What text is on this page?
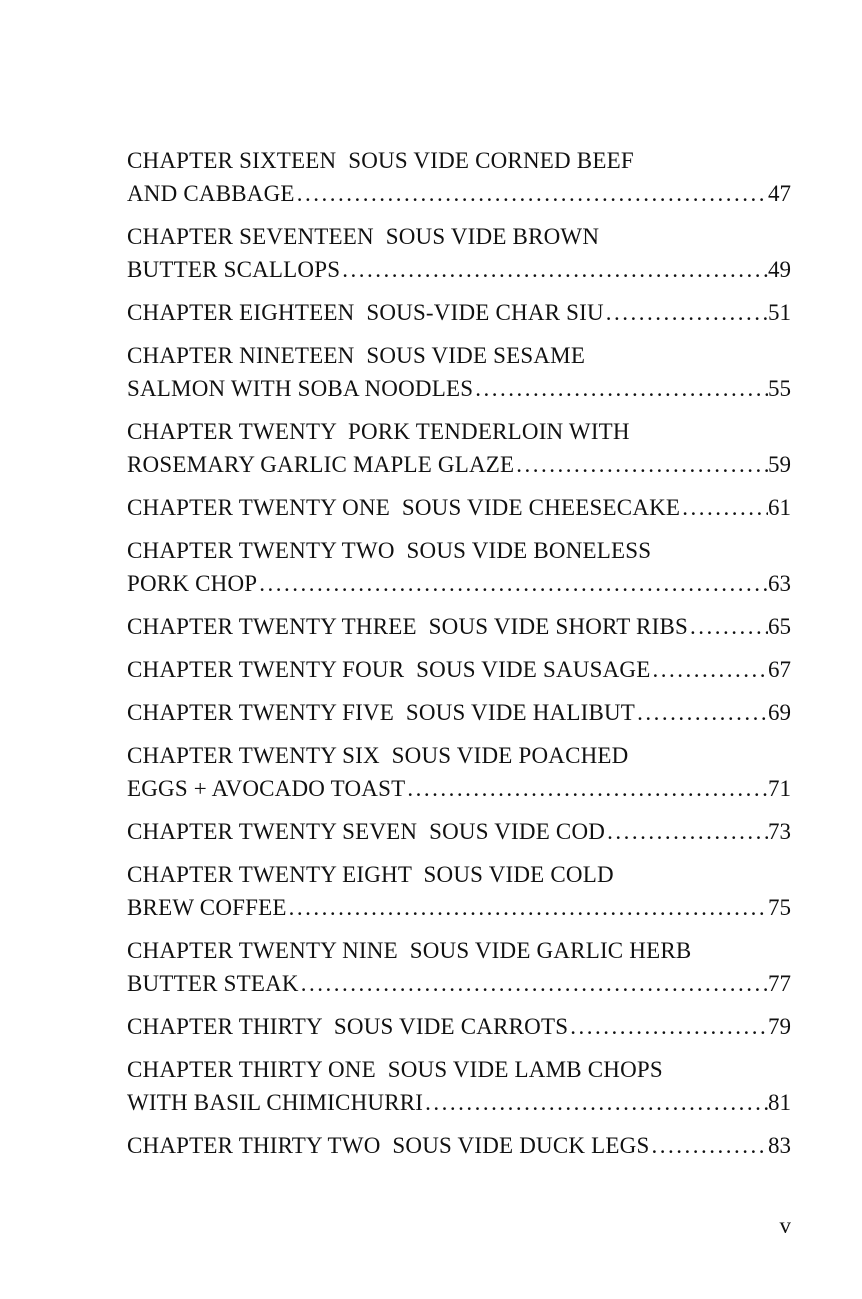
CHAPTER SIXTEEN  SOUS VIDE CORNED BEEF
AND CABBAGE .....	47
CHAPTER SEVENTEEN  SOUS VIDE BROWN
BUTTER SCALLOPS .....	49
CHAPTER EIGHTEEN  SOUS-VIDE CHAR SIU .....	51
CHAPTER NINETEEN  SOUS VIDE SESAME
SALMON WITH SOBA NOODLES .....	55
CHAPTER TWENTY  PORK TENDERLOIN WITH
ROSEMARY GARLIC MAPLE GLAZE .....	59
CHAPTER TWENTY ONE  SOUS VIDE CHEESECAKE .....	61
CHAPTER TWENTY TWO  SOUS VIDE BONELESS
PORK CHOP .....	63
CHAPTER TWENTY THREE  SOUS VIDE SHORT RIBS .....	65
CHAPTER TWENTY FOUR  SOUS VIDE SAUSAGE .....	67
CHAPTER TWENTY FIVE  SOUS VIDE HALIBUT .....	69
CHAPTER TWENTY SIX  SOUS VIDE POACHED
EGGS + AVOCADO TOAST .....	71
CHAPTER TWENTY SEVEN  SOUS VIDE COD .....	73
CHAPTER TWENTY EIGHT  SOUS VIDE COLD
BREW COFFEE .....	75
CHAPTER TWENTY NINE  SOUS VIDE GARLIC HERB
BUTTER STEAK .....	77
CHAPTER THIRTY  SOUS VIDE CARROTS .....	79
CHAPTER THIRTY ONE  SOUS VIDE LAMB CHOPS
WITH BASIL CHIMICHURRI .....	81
CHAPTER THIRTY TWO  SOUS VIDE DUCK LEGS .....	83
v
